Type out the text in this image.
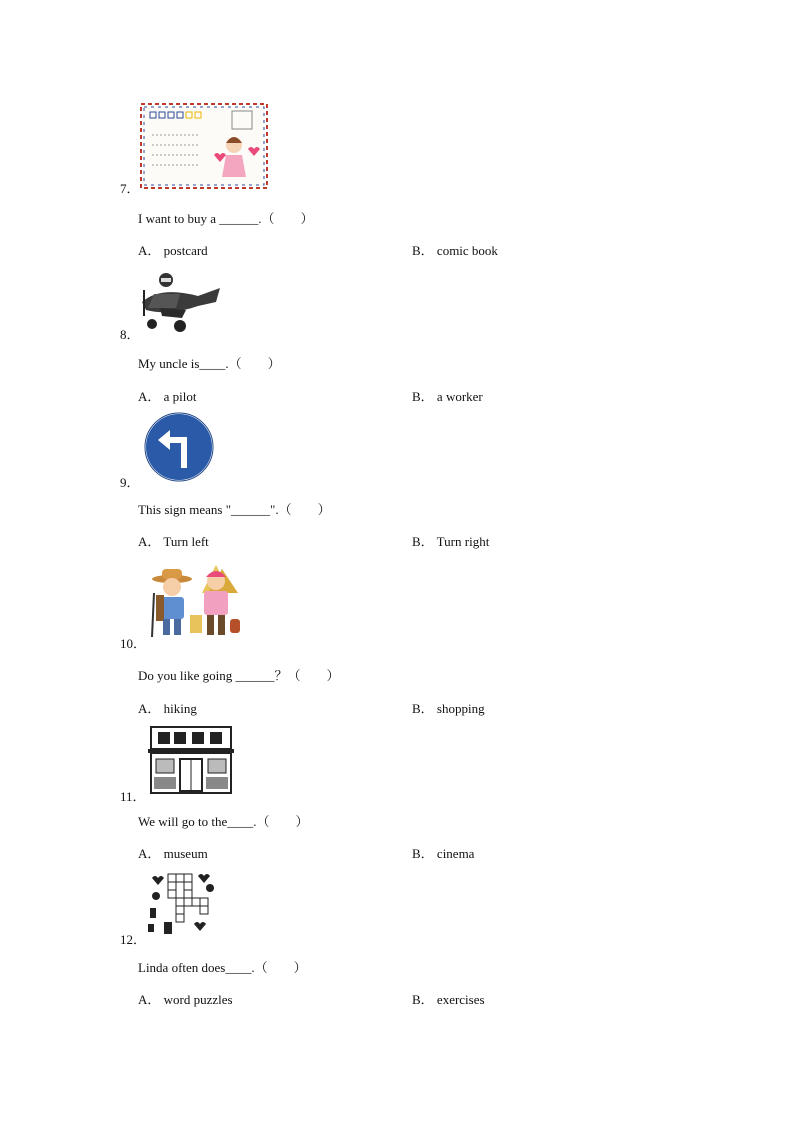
7．
I want to buy a ______.（　　）
A． postcard	B． comic book
8．
My uncle is____.（　　）
A． a pilot	B． a worker
9．
This sign means "______".（　　）
A． Turn left	B． Turn right
10．
Do you like going ______？（　　）
A． hiking	B． shopping
11．
We will go to the____.（　　）
A． museum	B． cinema
12．
Linda often does____.（　　）
A． word puzzles	B． exercises
